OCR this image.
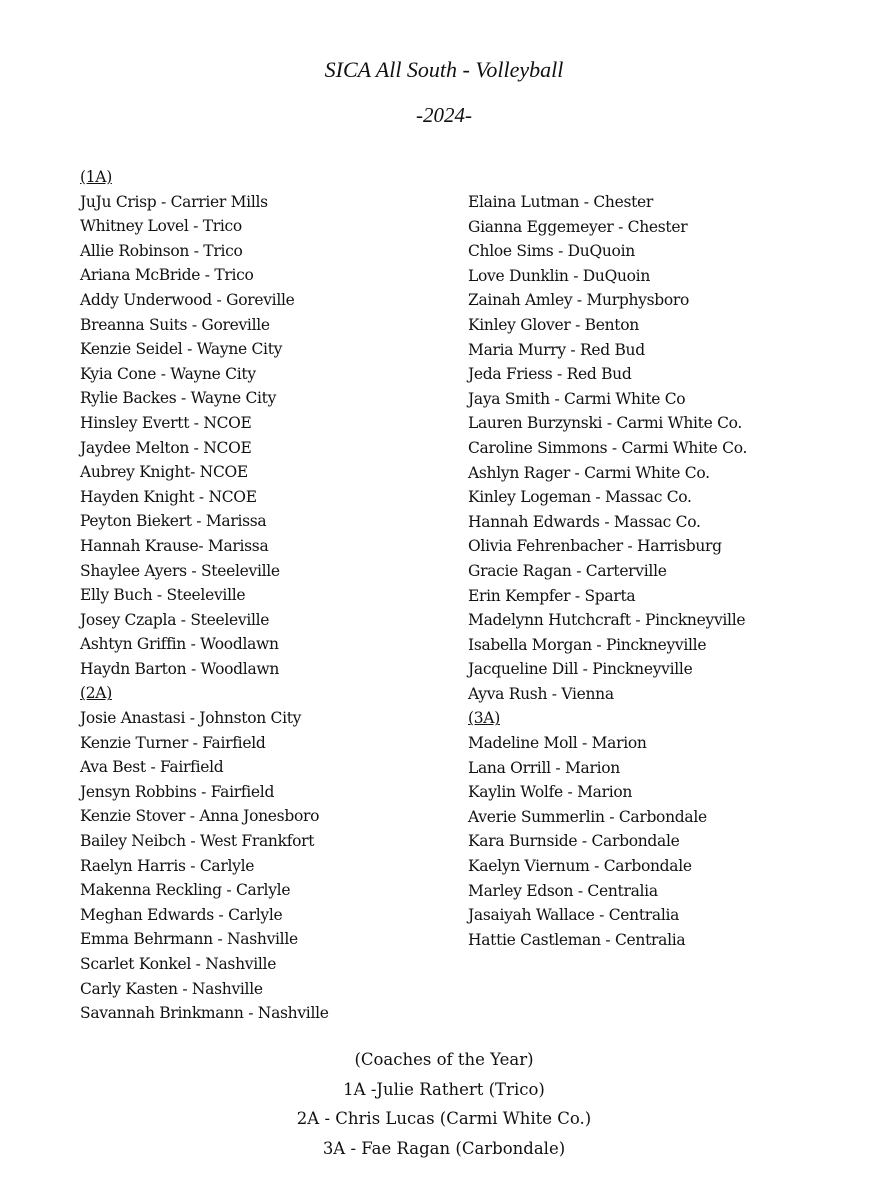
SICA All South - Volleyball
-2024-
(1A)
JuJu Crisp - Carrier Mills
Whitney Lovel - Trico
Allie Robinson - Trico
Ariana McBride - Trico
Addy Underwood - Goreville
Breanna Suits - Goreville
Kenzie Seidel - Wayne City
Kyia Cone - Wayne City
Rylie Backes - Wayne City
Hinsley Evertt - NCOE
Jaydee Melton - NCOE
Aubrey Knight- NCOE
Hayden Knight - NCOE
Peyton Biekert - Marissa
Hannah Krause- Marissa
Shaylee Ayers - Steeleville
Elly Buch - Steeleville
Josey Czapla - Steeleville
Ashtyn Griffin - Woodlawn
Haydn Barton - Woodlawn
(2A)
Josie Anastasi - Johnston City
Kenzie Turner - Fairfield
Ava Best - Fairfield
Jensyn Robbins - Fairfield
Kenzie Stover - Anna Jonesboro
Bailey Neibch - West Frankfort
Raelyn Harris - Carlyle
Makenna Reckling - Carlyle
Meghan Edwards - Carlyle
Emma Behrmann - Nashville
Scarlet Konkel - Nashville
Carly Kasten - Nashville
Savannah Brinkmann - Nashville
Elaina Lutman - Chester
Gianna Eggemeyer - Chester
Chloe Sims - DuQuoin
Love Dunklin - DuQuoin
Zainah Amley - Murphysboro
Kinley Glover - Benton
Maria Murry - Red Bud
Jeda Friess - Red Bud
Jaya Smith - Carmi White Co
Lauren Burzynski - Carmi White Co.
Caroline Simmons - Carmi White Co.
Ashlyn Rager - Carmi White Co.
Kinley Logeman - Massac Co.
Hannah Edwards - Massac Co.
Olivia Fehrenbacher - Harrisburg
Gracie Ragan - Carterville
Erin Kempfer - Sparta
Madelynn Hutchcraft - Pinckneyville
Isabella Morgan - Pinckneyville
Jacqueline Dill - Pinckneyville
Ayva Rush - Vienna
(3A)
Madeline Moll - Marion
Lana Orrill - Marion
Kaylin Wolfe - Marion
Averie Summerlin - Carbondale
Kara Burnside - Carbondale
Kaelyn Viernum - Carbondale
Marley Edson - Centralia
Jasaiyah Wallace - Centralia
Hattie Castleman - Centralia
(Coaches of the Year)
1A -Julie Rathert (Trico)
2A - Chris Lucas (Carmi White Co.)
3A - Fae Ragan (Carbondale)
